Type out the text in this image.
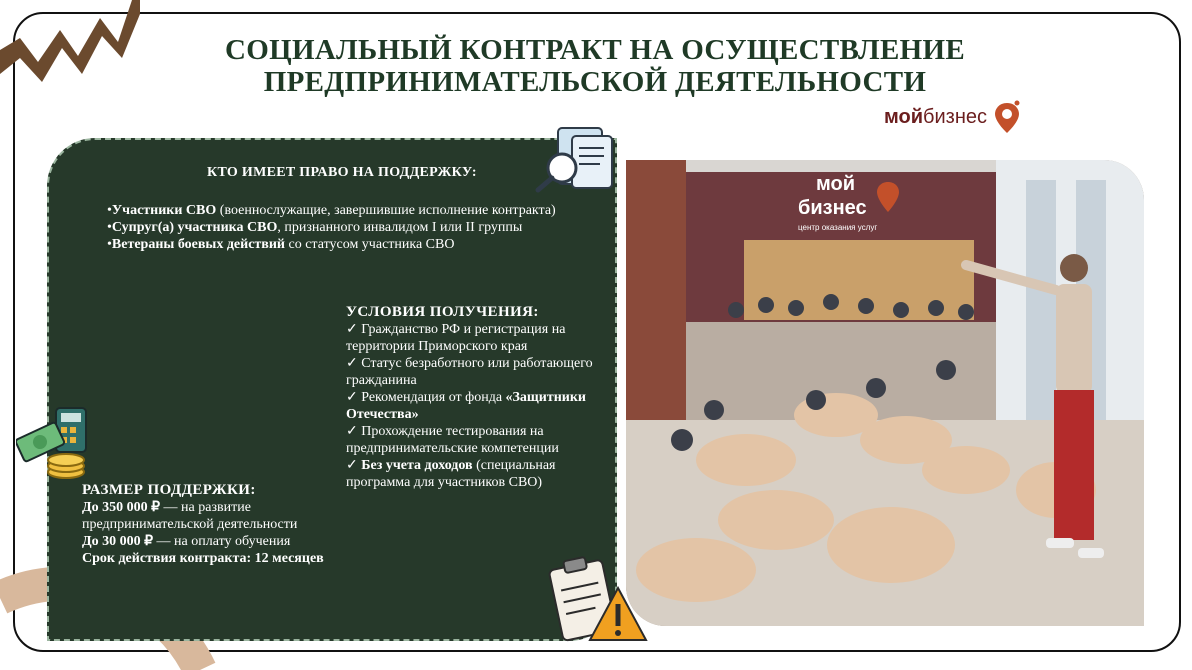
СОЦИАЛЬНЫЙ КОНТРАКТ НА ОСУЩЕСТВЛЕНИЕ
ПРЕДПРИНИМАТЕЛЬСКОЙ ДЕЯТЕЛЬНОСТИ
мойбизнес
КТО ИМЕЕТ ПРАВО НА ПОДДЕРЖКУ:
•Участники СВО (военнослужащие, завершившие исполнение контракта)
•Супруг(а) участника СВО, признанного инвалидом I или II группы
•Ветераны боевых действий со статусом участника СВО
УСЛОВИЯ ПОЛУЧЕНИЯ:
✓ Гражданство РФ и регистрация на территории Приморского края
✓ Статус безработного или работающего гражданина
✓ Рекомендация от фонда «Защитники Отечества»
✓ Прохождение тестирования на предпринимательские компетенции
✓ Без учета доходов (специальная программа для участников СВО)
РАЗМЕР ПОДДЕРЖКИ:
До 350 000 ₽ — на развитие предпринимательской деятельности
До 30 000 ₽ — на оплату обучения
Срок действия контракта: 12 месяцев
мой
бизнес
центр оказания услуг
